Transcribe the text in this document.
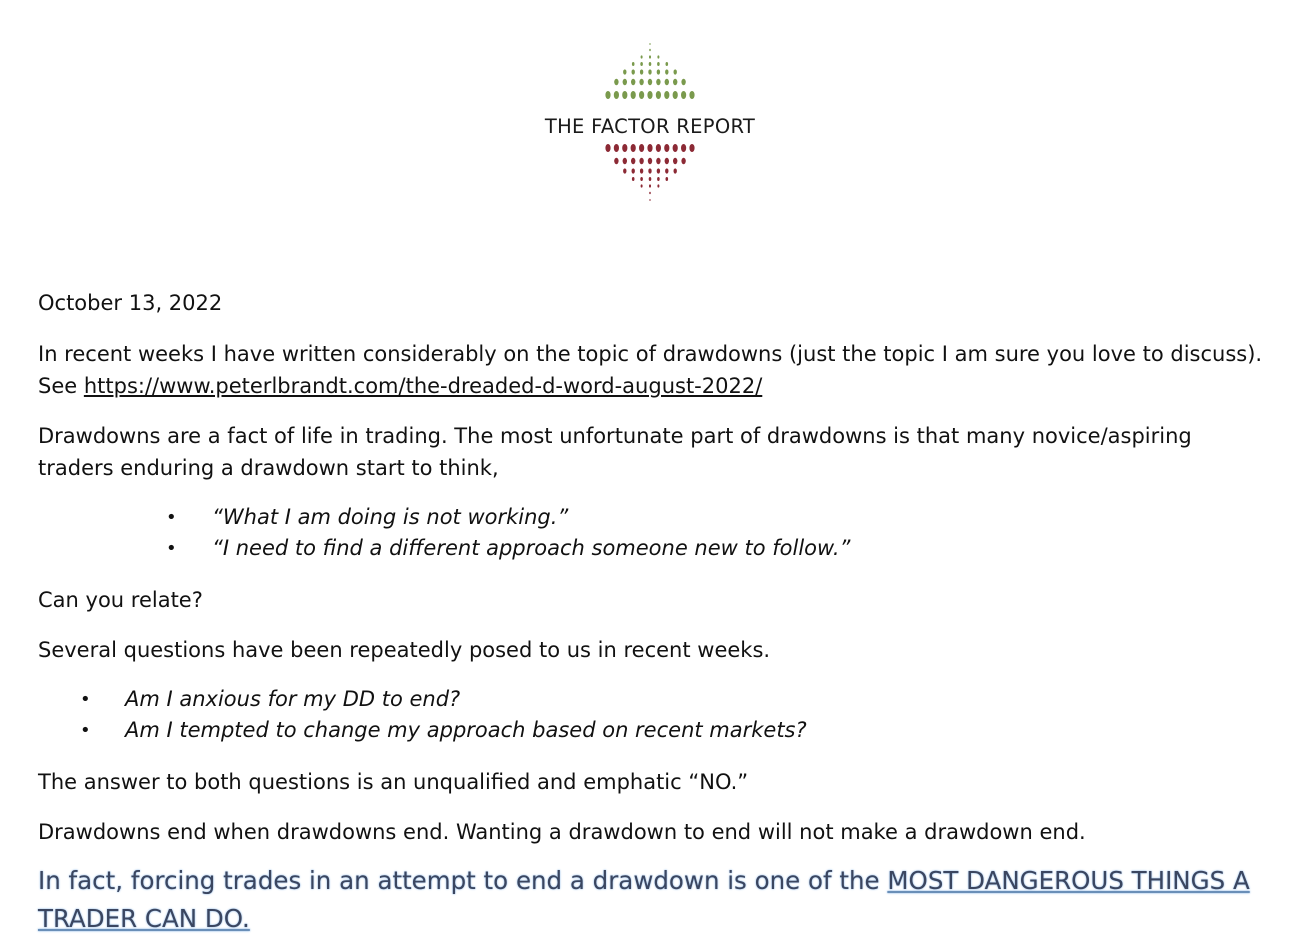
THE FACTOR REPORT

October 13, 2022

In recent weeks I have written considerably on the topic of drawdowns (just the topic I am sure you love to discuss). See https://www.peterlbrandt.com/the-dreaded-d-word-august-2022/

Drawdowns are a fact of life in trading. The most unfortunate part of drawdowns is that many novice/aspiring traders enduring a drawdown start to think,

• “What I am doing is not working.”
• “I need to find a different approach someone new to follow.”

Can you relate?

Several questions have been repeatedly posed to us in recent weeks.

• Am I anxious for my DD to end?
• Am I tempted to change my approach based on recent markets?

The answer to both questions is an unqualified and emphatic “NO.”

Drawdowns end when drawdowns end. Wanting a drawdown to end will not make a drawdown end.

In fact, forcing trades in an attempt to end a drawdown is one of the MOST DANGEROUS THINGS A TRADER CAN DO.
